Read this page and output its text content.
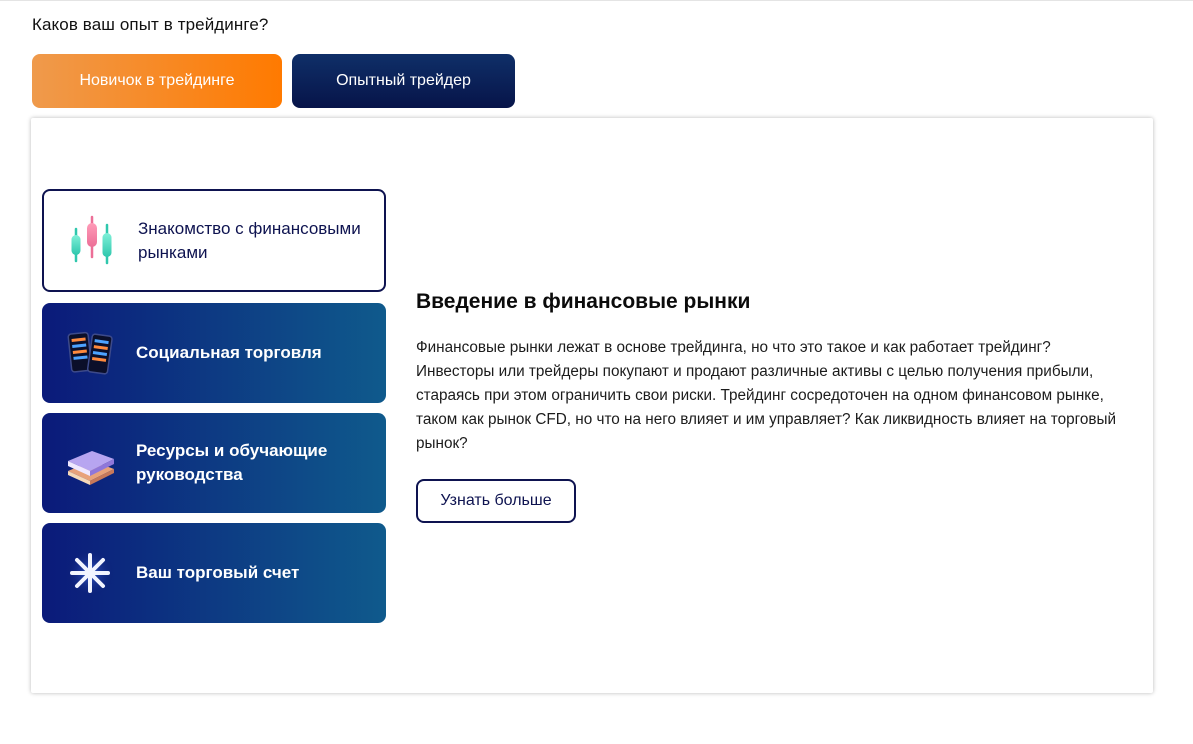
Каков ваш опыт в трейдинге?
Новичок в трейдинге	Опытный трейдер
Знакомство с финансовыми рынками
Социальная торговля
Ресурсы и обучающие руководства
Ваш торговый счет
Введение в финансовые рынки

Финансовые рынки лежат в основе трейдинга, но что это такое и как работает трейдинг? Инвесторы или трейдеры покупают и продают различные активы с целью получения прибыли, стараясь при этом ограничить свои риски. Трейдинг сосредоточен на одном финансовом рынке, таком как рынок CFD, но что на него влияет и им управляет? Как ликвидность влияет на торговый рынок?

Узнать больше
